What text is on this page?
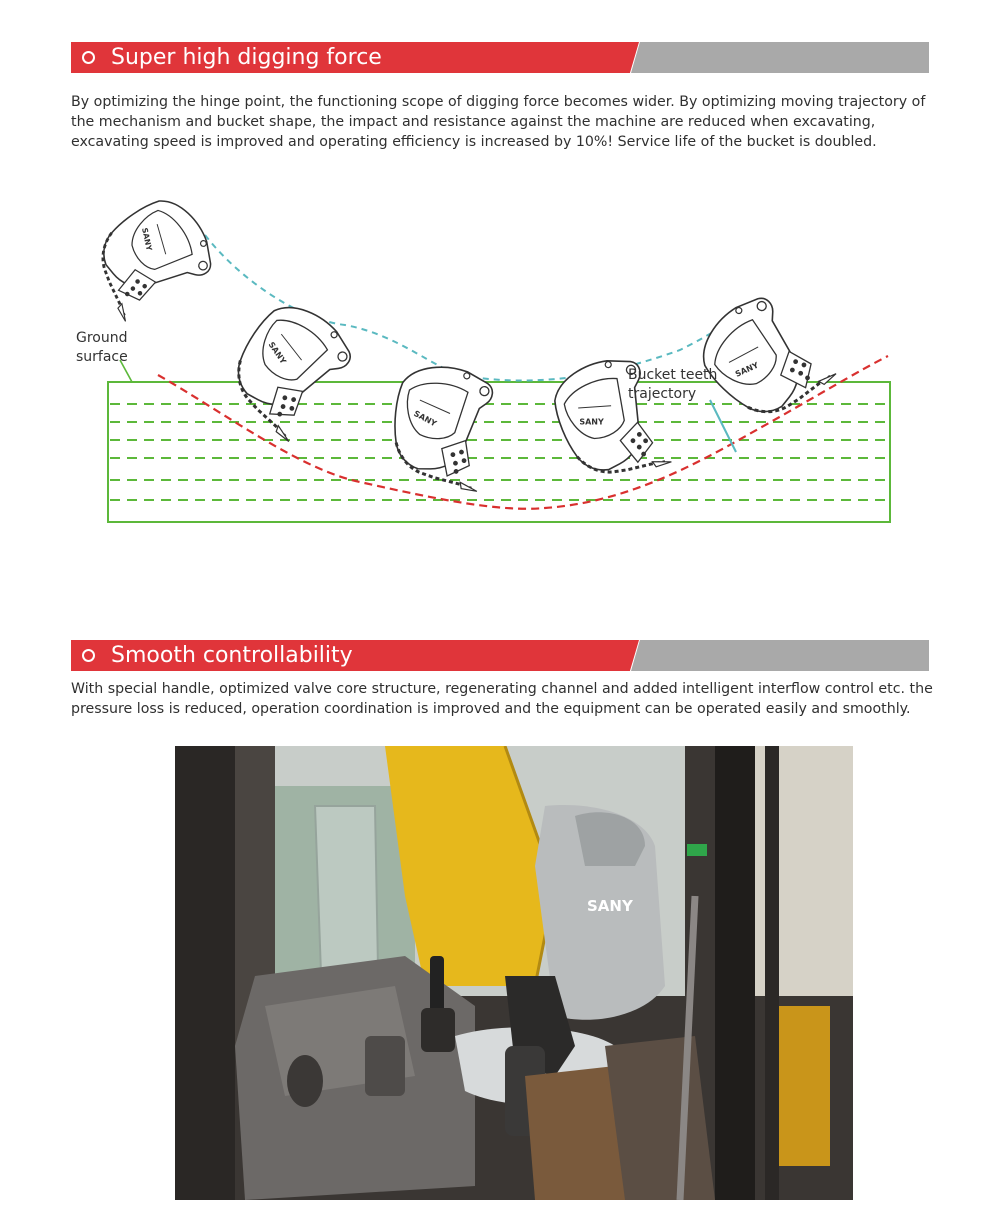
Super high digging force

By optimizing the hinge point, the functioning scope of digging force becomes wider. By optimizing moving trajectory of the mechanism and bucket shape, the impact and resistance against the machine are reduced when excavating, excavating speed is improved and operating efficiency is increased by 10%! Service life of the bucket is doubled.

SANY
Ground
surface
Bucket teeth
trajectory
Smooth controllability

With special handle, optimized valve core structure, regenerating channel and added intelligent interflow control etc. the pressure loss is reduced, operation coordination is improved and the equipment can be operated easily and smoothly.

SANY
